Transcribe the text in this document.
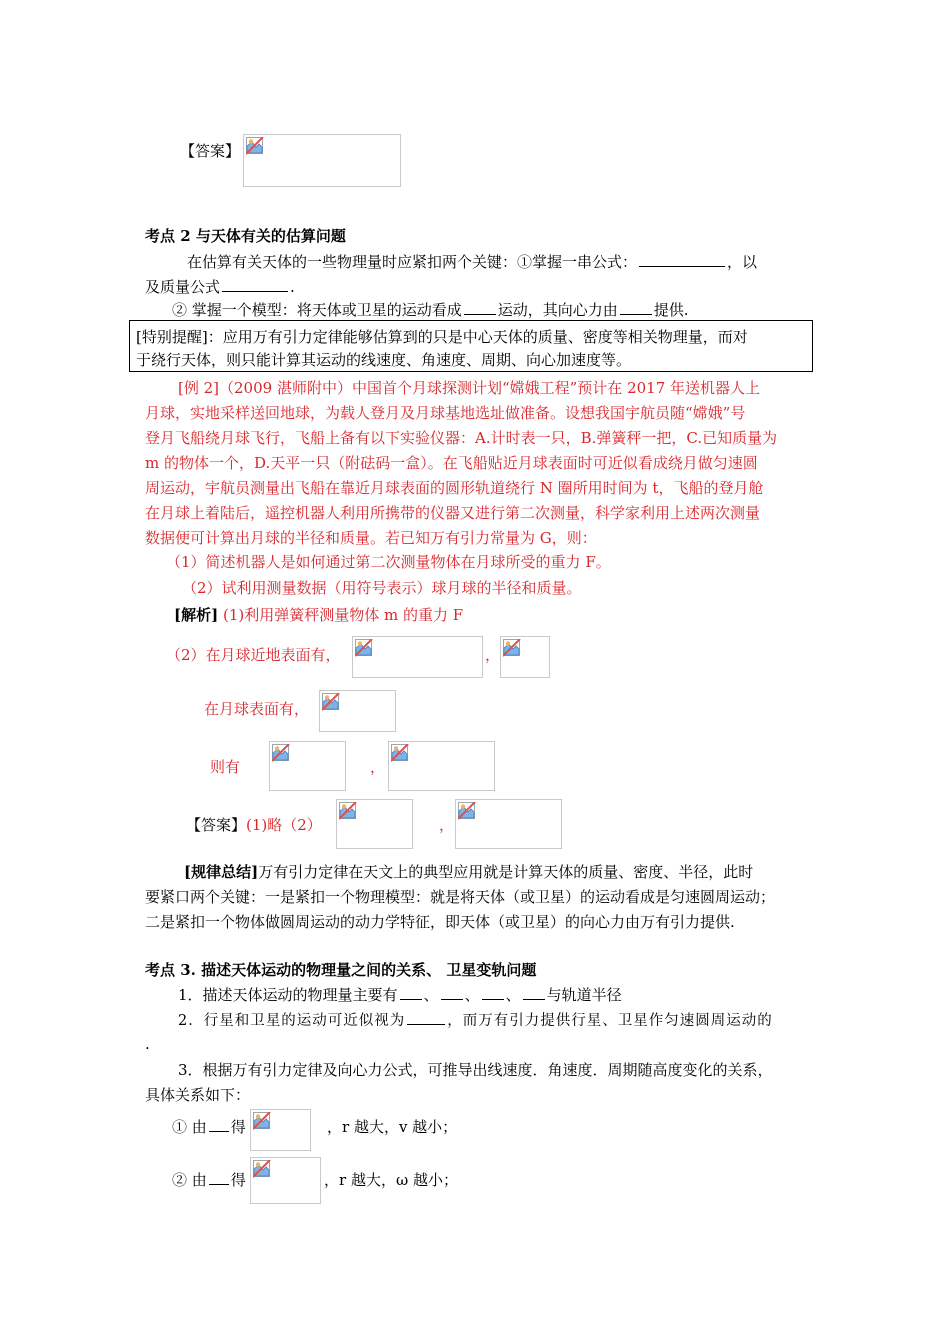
【答案】
考点 2 与天体有关的估算问题
在估算有关天体的一些物理量时应紧扣两个关键：①掌握一串公式：	，以
及质量公式	.
② 掌握一个模型：将天体或卫星的运动看成 运动，其向心力由 提供.
[特别提醒]：应用万有引力定律能够估算到的只是中心天体的质量、密度等相关物理量，而对
于绕行天体，则只能计算其运动的线速度、角速度、周期、向心加速度等。
[例 2]（2009 湛师附中）中国首个月球探测计划“嫦娥工程”预计在 2017 年送机器人上
月球，实地采样送回地球，为载人登月及月球基地选址做准备。设想我国宇航员随“嫦娥”号
登月飞船绕月球飞行，飞船上备有以下实验仪器：A.计时表一只，B.弹簧秤一把，C.已知质量为
m 的物体一个，D.天平一只（附砝码一盒）。在飞船贴近月球表面时可近似看成绕月做匀速圆
周运动，宇航员测量出飞船在靠近月球表面的圆形轨道绕行 N 圈所用时间为 t，飞船的登月舱
在月球上着陆后，遥控机器人利用所携带的仪器又进行第二次测量，科学家利用上述两次测量
数据便可计算出月球的半径和质量。若已知万有引力常量为 G，则：
（1）简述机器人是如何通过第二次测量物体在月球所受的重力 F。
（2）试利用测量数据（用符号表示）球月球的半径和质量。
[解析] (1)利用弹簧秤测量物体 m 的重力 F
（2）在月球近地表面有，	，
在月球表面有，
则有	，
【答案】(1)略（2）	，
[规律总结]万有引力定律在天文上的典型应用就是计算天体的质量、密度、半径，此时
要紧口两个关键：一是紧扣一个物理模型：就是将天体（或卫星）的运动看成是匀速圆周运动；
二是紧扣一个物体做圆周运动的动力学特征，即天体（或卫星）的向心力由万有引力提供.
考点 3. 描述天体运动的物理量之间的关系、 卫星变轨问题
1．描述天体运动的物理量主要有 、 、 、 与轨道半径
2．行星和卫星的运动可近似视为	，而万有引力提供行星、卫星作匀速圆周运动的
.
3．根据万有引力定律及向心力公式，可推导出线速度．角速度．周期随高度变化的关系，
具体关系如下：
① 由 得	，r 越大，v 越小；
② 由 得	，r 越大，ω 越小；
